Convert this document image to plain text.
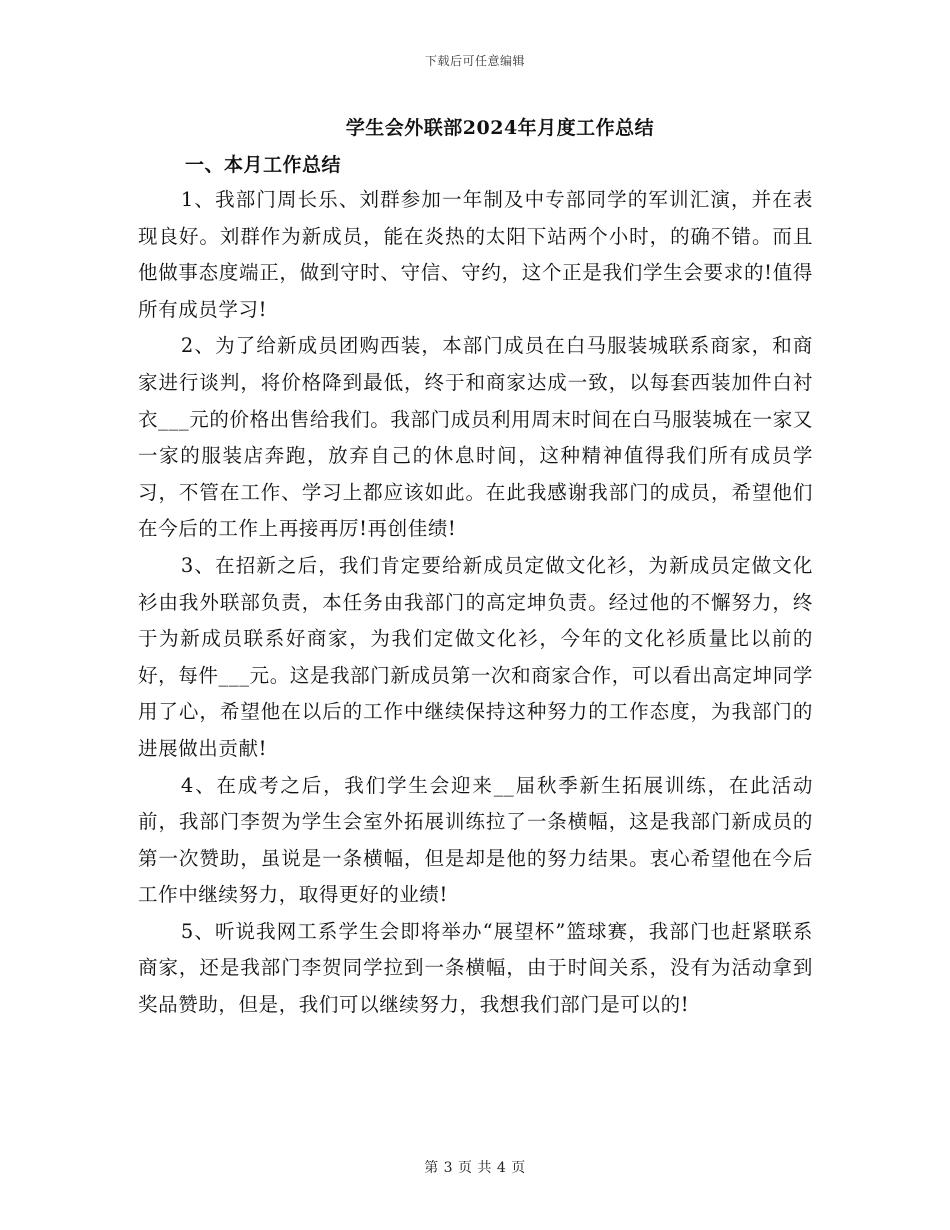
下载后可任意编辑
学生会外联部2024年月度工作总结
一、本月工作总结

1、我部门周长乐、刘群参加一年制及中专部同学的军训汇演，并在表现良好。刘群作为新成员，能在炎热的太阳下站两个小时，的确不错。而且他做事态度端正，做到守时、守信、守约，这个正是我们学生会要求的!值得所有成员学习!

2、为了给新成员团购西装，本部门成员在白马服装城联系商家，和商家进行谈判，将价格降到最低，终于和商家达成一致，以每套西装加件白衬衣___元的价格出售给我们。我部门成员利用周末时间在白马服装城在一家又一家的服装店奔跑，放弃自己的休息时间，这种精神值得我们所有成员学习，不管在工作、学习上都应该如此。在此我感谢我部门的成员，希望他们在今后的工作上再接再厉!再创佳绩!

3、在招新之后，我们肯定要给新成员定做文化衫，为新成员定做文化衫由我外联部负责，本任务由我部门的高定坤负责。经过他的不懈努力，终于为新成员联系好商家，为我们定做文化衫，今年的文化衫质量比以前的好，每件___元。这是我部门新成员第一次和商家合作，可以看出高定坤同学用了心，希望他在以后的工作中继续保持这种努力的工作态度，为我部门的进展做出贡献!

4、在成考之后，我们学生会迎来__届秋季新生拓展训练，在此活动前，我部门李贺为学生会室外拓展训练拉了一条横幅，这是我部门新成员的第一次赞助，虽说是一条横幅，但是却是他的努力结果。衷心希望他在今后工作中继续努力，取得更好的业绩!

5、听说我网工系学生会即将举办“展望杯”篮球赛，我部门也赶紧联系商家，还是我部门李贺同学拉到一条横幅，由于时间关系，没有为活动拿到奖品赞助，但是，我们可以继续努力，我想我们部门是可以的!

第 3 页 共 4 页
